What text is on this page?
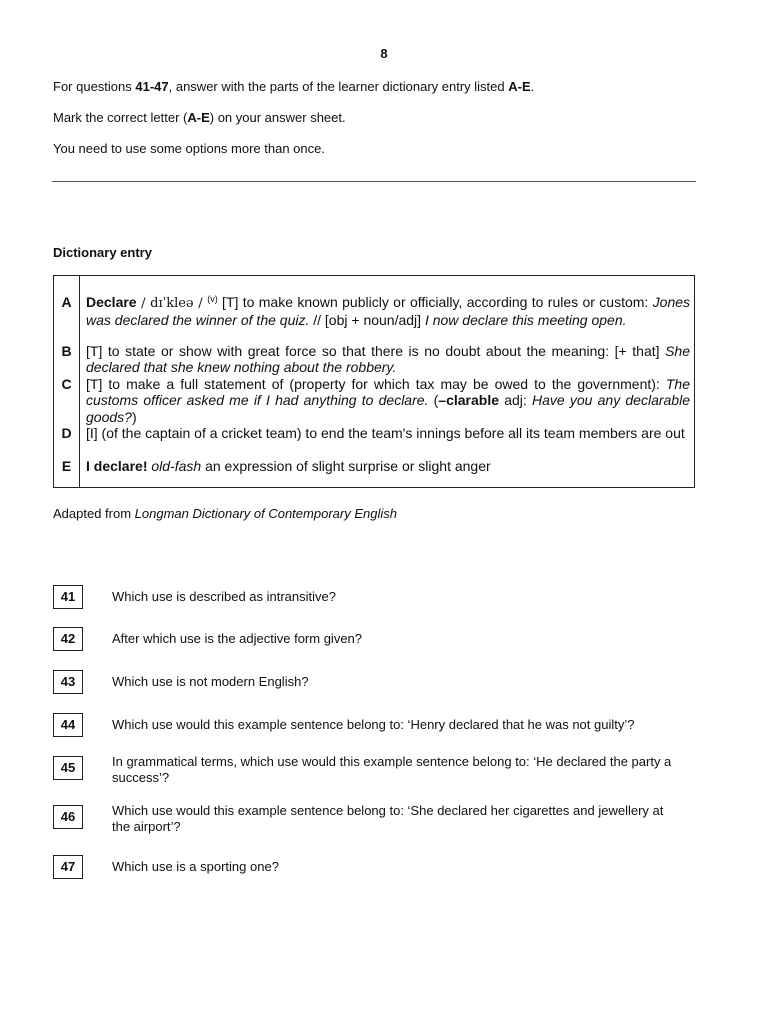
8
For questions 41-47, answer with the parts of the learner dictionary entry listed A-E.
Mark the correct letter (A-E) on your answer sheet.
You need to use some options more than once.
Dictionary entry
A	Declare / dɪˈkleə / $^{(v)}$ [T] to make known publicly or officially, according to rules or custom: Jones was declared the winner of the quiz. // [obj + noun/adj] I now declare this meeting open.
B	[T] to state or show with great force so that there is no doubt about the meaning: [+ that] She declared that she knew nothing about the robbery.
C	[T] to make a full statement of (property for which tax may be owed to the government): The customs officer asked me if I had anything to declare. (–clarable adj: Have you any declarable goods?)
D	[I] (of the captain of a cricket team) to end the team's innings before all its team members are out
E	I declare! old-fash an expression of slight surprise or slight anger
Adapted from Longman Dictionary of Contemporary English
41	Which use is described as intransitive?
42	After which use is the adjective form given?
43	Which use is not modern English?
44	Which use would this example sentence belong to: ‘Henry declared that he was not guilty’?
45	In grammatical terms, which use would this example sentence belong to: ‘He declared the party a success’?
46	Which use would this example sentence belong to: ‘She declared her cigarettes and jewellery at the airport’?
47	Which use is a sporting one?
